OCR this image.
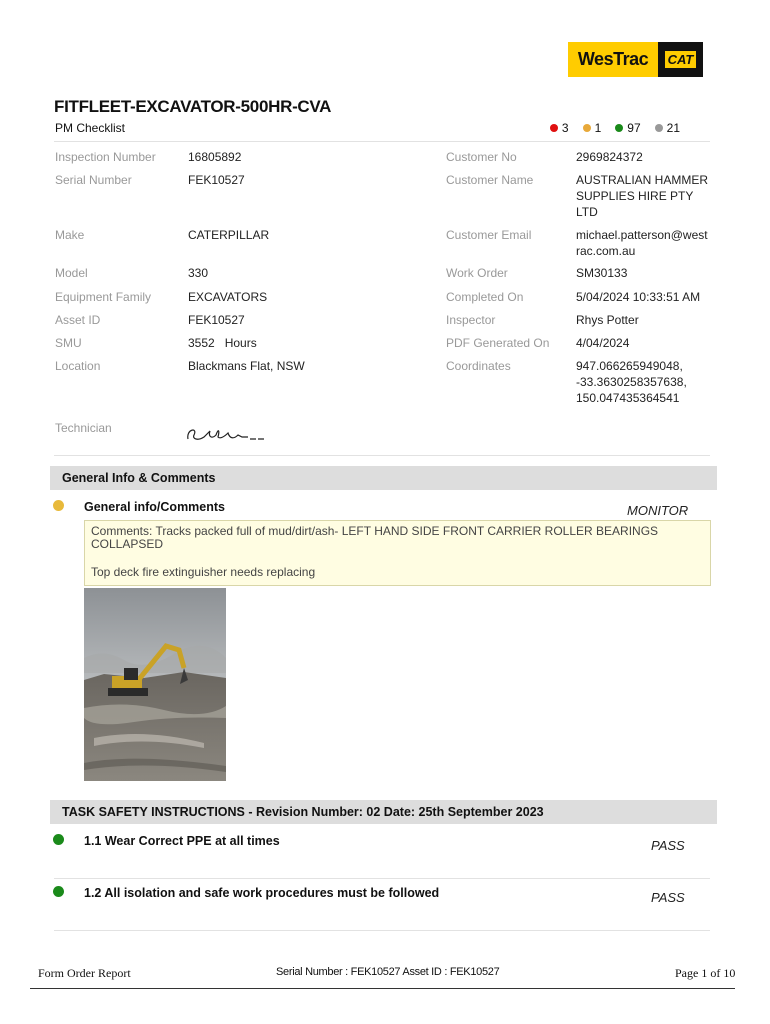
WesTrac	CAT
FITFLEET-EXCAVATOR-500HR-CVA
PM Checklist	3 1 97 21
Inspection Number	16805892
Serial Number	FEK10527
Make	CATERPILLAR
Model	330
Equipment Family	EXCAVATORS
Asset ID	FEK10527
SMU	3552   Hours
Location	Blackmans Flat, NSW
Customer No	2969824372
Customer Name	AUSTRALIAN HAMMER SUPPLIES HIRE PTY LTD
Customer Email	michael.patterson@westrac.com.au
Work Order	SM30133
Completed On	5/04/2024 10:33:51 AM
Inspector	Rhys Potter
PDF Generated On 4/04/2024
Coordinates	947.066265949048, -33.3630258357638, 150.047435364541
Technician
General Info & Comments
General info/Comments	MONITOR

Comments: Tracks packed full of mud/dirt/ash- LEFT HAND SIDE FRONT CARRIER ROLLER BEARINGS COLLAPSED

Top deck fire extinguisher needs replacing

TASK SAFETY INSTRUCTIONS - Revision Number: 02 Date: 25th September 2023
1.1 Wear Correct PPE at all times	PASS
1.2 All isolation and safe work procedures must be followed	PASS
Form Order Report	Serial Number : FEK10527 Asset ID : FEK10527	Page 1 of 10
